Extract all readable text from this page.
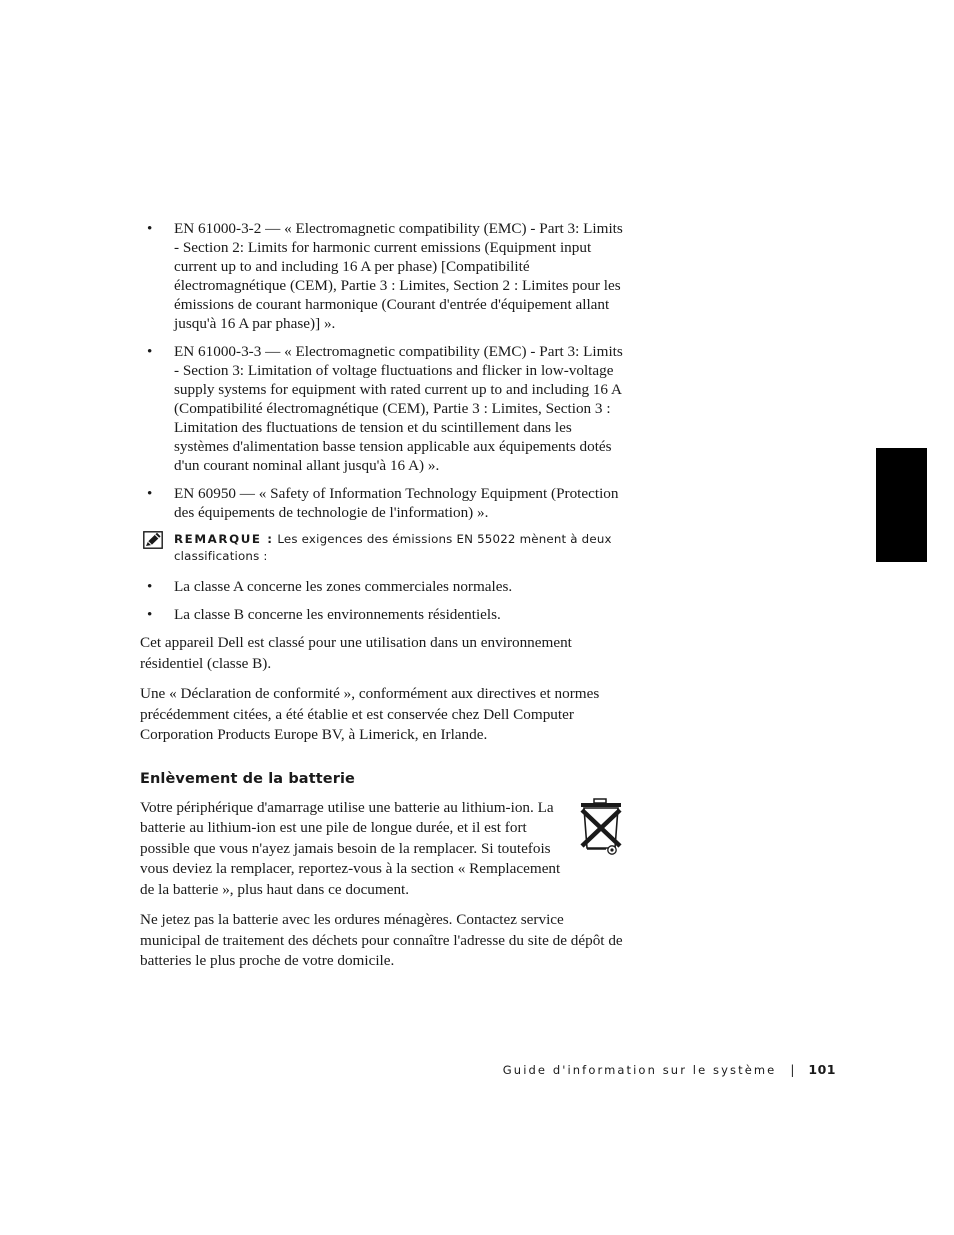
• EN 61000-3-2 — « Electromagnetic compatibility (EMC) - Part 3: Limits - Section 2: Limits for harmonic current emissions (Equipment input current up to and including 16 A per phase) [Compatibilité électromagnétique (CEM), Partie 3 : Limites, Section 2 : Limites pour les émissions de courant harmonique (Courant d'entrée d'équipement allant jusqu'à 16 A par phase)] ».
• EN 61000-3-3 — « Electromagnetic compatibility (EMC) - Part 3: Limits - Section 3: Limitation of voltage fluctuations and flicker in low-voltage supply systems for equipment with rated current up to and including 16 A (Compatibilité électromagnétique (CEM), Partie 3 : Limites, Section 3 : Limitation des fluctuations de tension et du scintillement dans les systèmes d'alimentation basse tension applicable aux équipements dotés d'un courant nominal allant jusqu'à 16 A) ».
• EN 60950 — « Safety of Information Technology Equipment (Protection des équipements de technologie de l'information) ».
REMARQUE : Les exigences des émissions EN 55022 mènent à deux classifications :
• La classe A concerne les zones commerciales normales.
• La classe B concerne les environnements résidentiels.

Cet appareil Dell est classé pour une utilisation dans un environnement résidentiel (classe B).

Une « Déclaration de conformité », conformément aux directives et normes précédemment citées, a été établie et est conservée chez Dell Computer Corporation Products Europe BV, à Limerick, en Irlande.

Enlèvement de la batterie

Votre périphérique d'amarrage utilise une batterie au lithium-ion. La batterie au lithium-ion est une pile de longue durée, et il est fort possible que vous n'ayez jamais besoin de la remplacer. Si toutefois vous deviez la remplacer, reportez-vous à la section « Remplacement de la batterie », plus haut dans ce document.

Ne jetez pas la batterie avec les ordures ménagères. Contactez service municipal de traitement des déchets pour connaître l'adresse du site de dépôt de batteries le plus proche de votre domicile.

Guide d'information sur le système | 101
